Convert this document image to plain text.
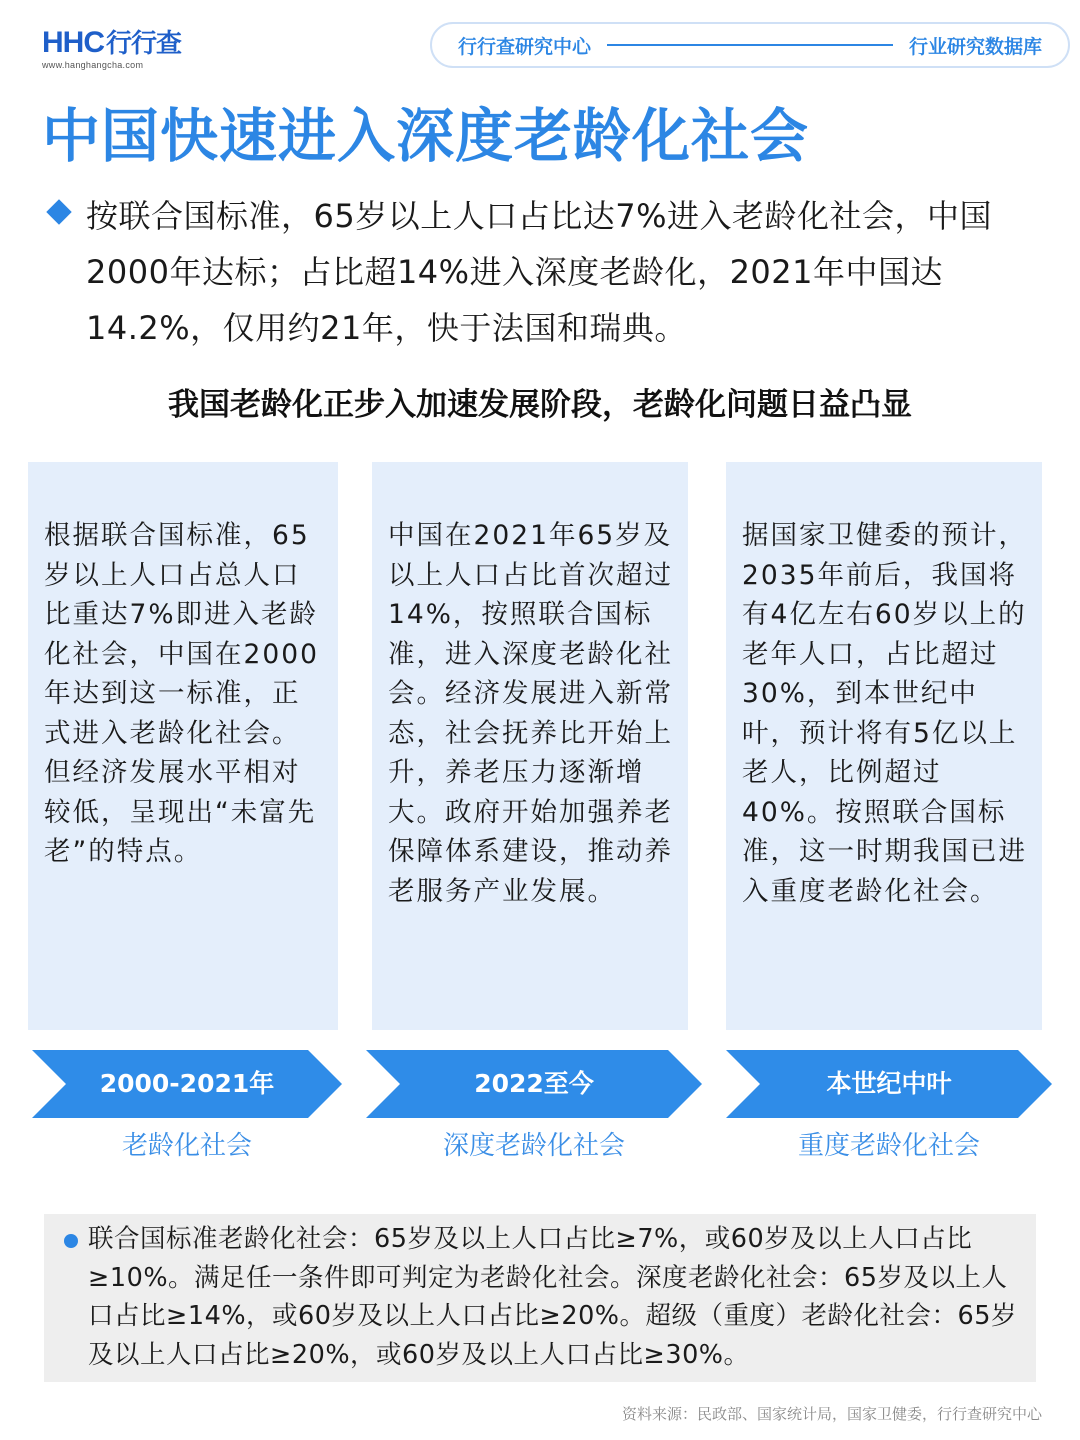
HHC行行查
www.hanghangcha.com
行行查研究中心	行业研究数据库
中国快速进入深度老龄化社会

按联合国标准，65岁以上人口占比达7%进入老龄化社会，中国2000年达标；占比超14%进入深度老龄化，2021年中国达14.2%，仅用约21年，快于法国和瑞典。

我国老龄化正步入加速发展阶段，老龄化问题日益凸显

根据联合国标准，65岁以上人口占总人口比重达7%即进入老龄化社会，中国在2000年达到这一标准，正式进入老龄化社会。但经济发展水平相对较低，呈现出“未富先老”的特点。

中国在2021年65岁及以上人口占比首次超过14%，按照联合国标准，进入深度老龄化社会。经济发展进入新常态，社会抚养比开始上升，养老压力逐渐增大。政府开始加强养老保障体系建设，推动养老服务产业发展。

据国家卫健委的预计，2035年前后，我国将有4亿左右60岁以上的老年人口，占比超过30%，到本世纪中叶，预计将有5亿以上老人，比例超过40%。按照联合国标准，这一时期我国已进入重度老龄化社会。

2000-2021年	2022至今	本世纪中叶
老龄化社会	深度老龄化社会	重度老龄化社会

联合国标准老龄化社会：65岁及以上人口占比≥7%，或60岁及以上人口占比≥10%。满足任一条件即可判定为老龄化社会。深度老龄化社会：65岁及以上人口占比≥14%，或60岁及以上人口占比≥20%。超级（重度）老龄化社会：65岁及以上人口占比≥20%，或60岁及以上人口占比≥30%。

资料来源：民政部、国家统计局，国家卫健委，行行查研究中心
